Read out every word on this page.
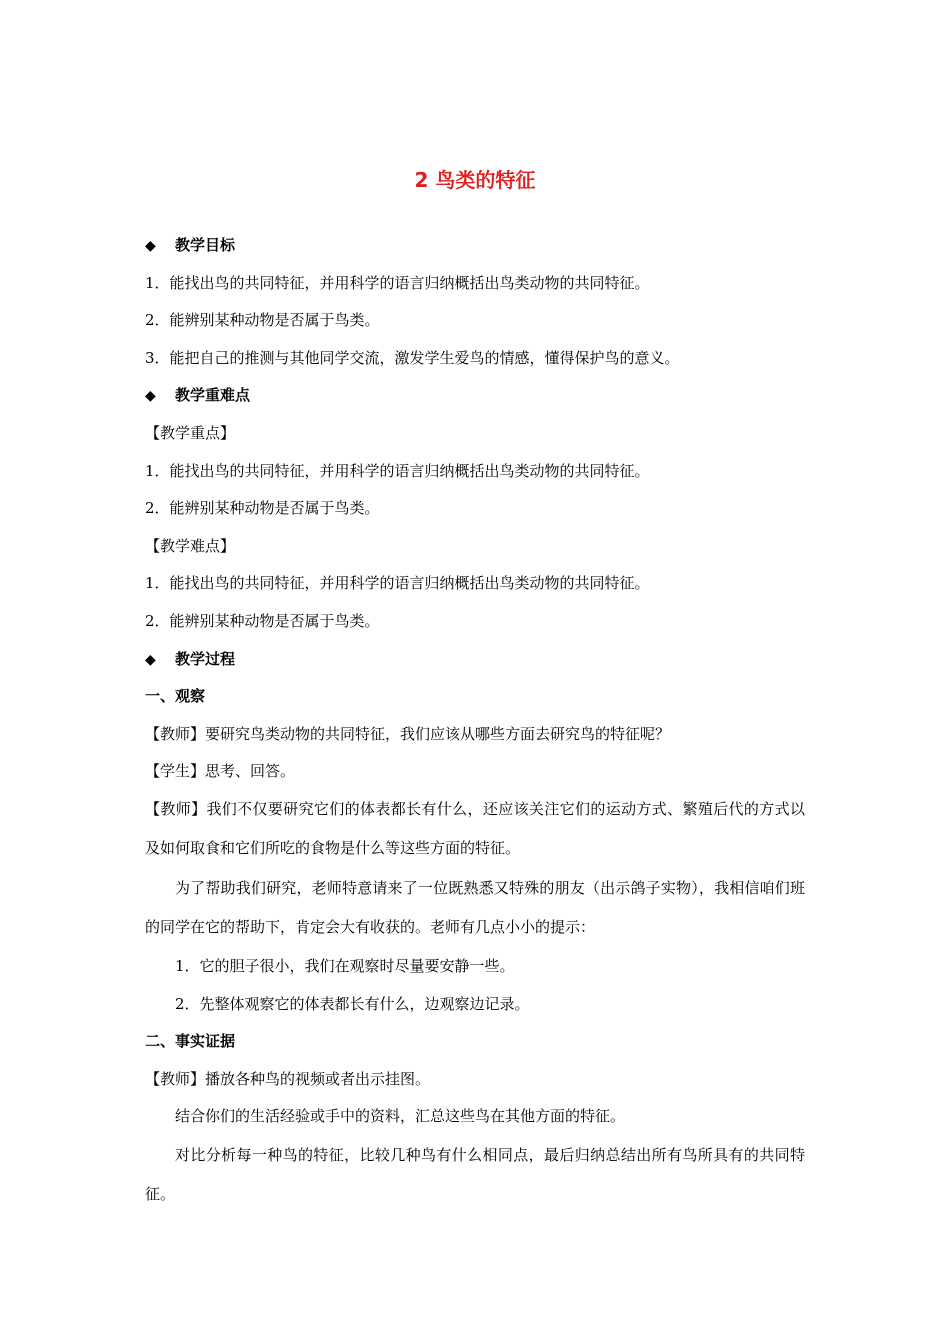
2 鸟类的特征
◆ 教学目标
1．能找出鸟的共同特征，并用科学的语言归纳概括出鸟类动物的共同特征。
2．能辨别某种动物是否属于鸟类。
3．能把自己的推测与其他同学交流，激发学生爱鸟的情感，懂得保护鸟的意义。
◆ 教学重难点
【教学重点】
1．能找出鸟的共同特征，并用科学的语言归纳概括出鸟类动物的共同特征。
2．能辨别某种动物是否属于鸟类。
【教学难点】
1．能找出鸟的共同特征，并用科学的语言归纳概括出鸟类动物的共同特征。
2．能辨别某种动物是否属于鸟类。
◆ 教学过程
一、观察
【教师】要研究鸟类动物的共同特征，我们应该从哪些方面去研究鸟的特征呢？
【学生】思考、回答。
【教师】我们不仅要研究它们的体表都长有什么，还应该关注它们的运动方式、繁殖后代的方式以及如何取食和它们所吃的食物是什么等这些方面的特征。
为了帮助我们研究，老师特意请来了一位既熟悉又特殊的朋友（出示鸽子实物），我相信咱们班的同学在它的帮助下，肯定会大有收获的。老师有几点小小的提示：
1．它的胆子很小，我们在观察时尽量要安静一些。
2．先整体观察它的体表都长有什么，边观察边记录。
二、事实证据
【教师】播放各种鸟的视频或者出示挂图。
结合你们的生活经验或手中的资料，汇总这些鸟在其他方面的特征。
对比分析每一种鸟的特征，比较几种鸟有什么相同点，最后归纳总结出所有鸟所具有的共同特征。
